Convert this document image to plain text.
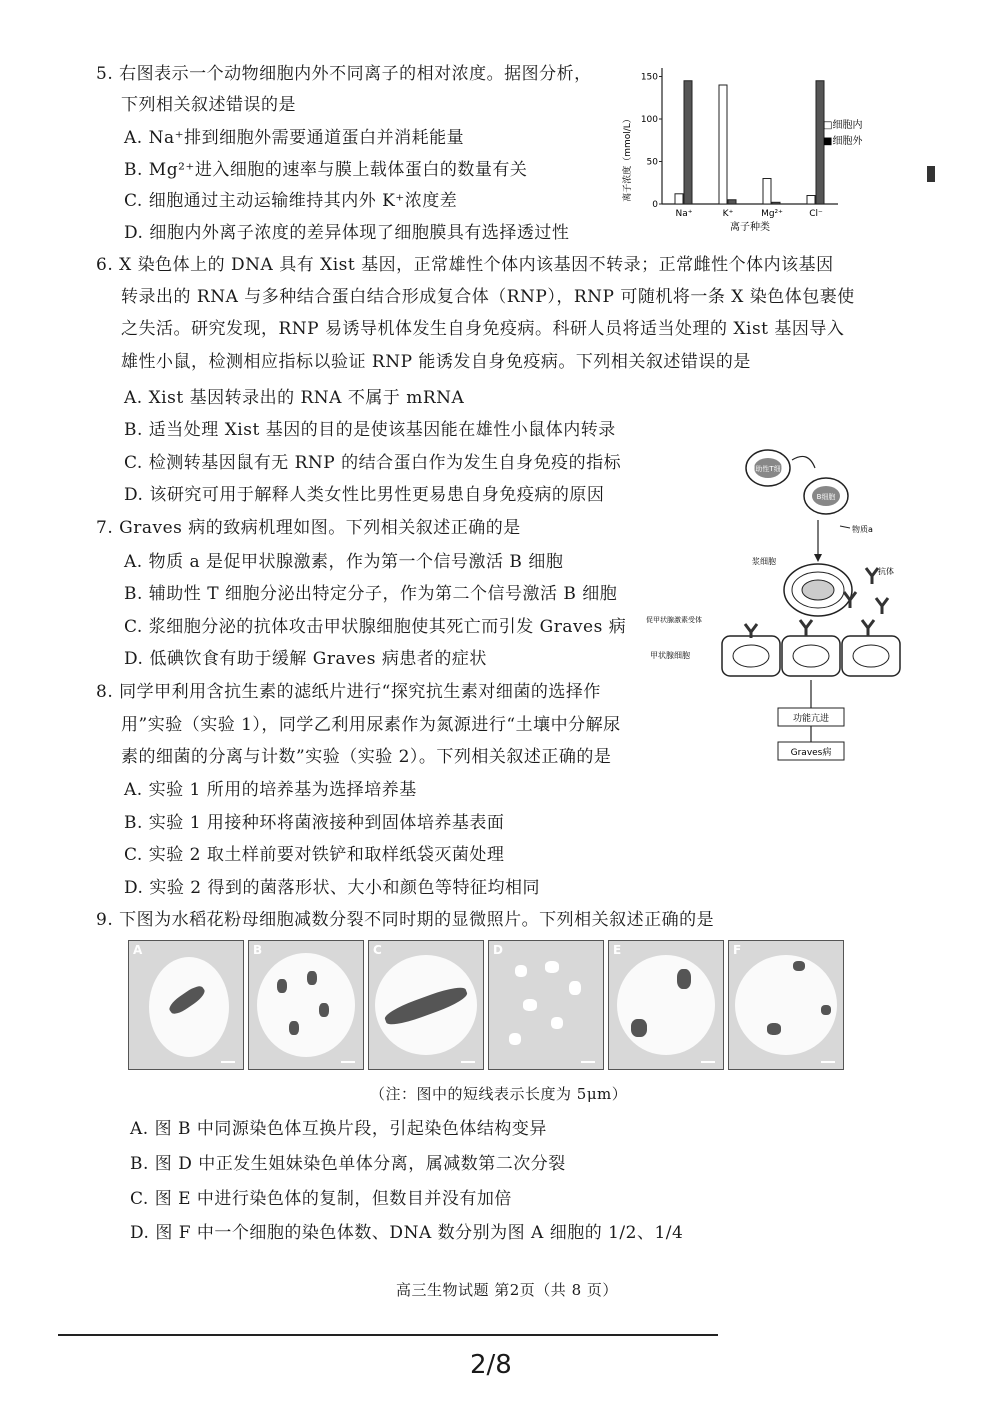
5. 右图表示一个动物细胞内外不同离子的相对浓度。据图分析，
下列相关叙述错误的是
A. Na⁺排到细胞外需要通道蛋白并消耗能量
B. Mg²⁺进入细胞的速率与膜上载体蛋白的数量有关
C. 细胞通过主动运输维持其内外 K⁺浓度差
D. 细胞内外离子浓度的差异体现了细胞膜具有选择透过性
离子浓度（mmol/L）
150
100
50
0
Na⁺	K⁺	Mg²⁺	Cl⁻
离子种类
□细胞内
■细胞外
6. X 染色体上的 DNA 具有 Xist 基因，正常雄性个体内该基因不转录；正常雌性个体内该基因
转录出的 RNA 与多种结合蛋白结合形成复合体（RNP），RNP 可随机将一条 X 染色体包裹使
之失活。研究发现，RNP 易诱导机体发生自身免疫病。科研人员将适当处理的 Xist 基因导入
雄性小鼠，检测相应指标以验证 RNP 能诱发自身免疫病。下列相关叙述错误的是
A. Xist 基因转录出的 RNA 不属于 mRNA
B. 适当处理 Xist 基因的目的是使该基因能在雄性小鼠体内转录
C. 检测转基因鼠有无 RNP 的结合蛋白作为发生自身免疫的指标
D. 该研究可用于解释人类女性比男性更易患自身免疫病的原因
7. Graves 病的致病机理如图。下列相关叙述正确的是
A. 物质 a 是促甲状腺激素，作为第一个信号激活 B 细胞
B. 辅助性 T 细胞分泌出特定分子，作为第二个信号激活 B 细胞
C. 浆细胞分泌的抗体攻击甲状腺细胞使其死亡而引发 Graves 病
D. 低碘饮食有助于缓解 Graves 病患者的症状
辅助性T细胞
B细胞
物质a
浆细胞
抗体
促甲状腺激素受体
甲状腺细胞
功能亢进
Graves病
8. 同学甲利用含抗生素的滤纸片进行“探究抗生素对细菌的选择作
用”实验（实验 1），同学乙利用尿素作为氮源进行“土壤中分解尿
素的细菌的分离与计数”实验（实验 2）。下列相关叙述正确的是
A. 实验 1 所用的培养基为选择培养基
B. 实验 1 用接种环将菌液接种到固体培养基表面
C. 实验 2 取土样前要对铁铲和取样纸袋灭菌处理
D. 实验 2 得到的菌落形状、大小和颜色等特征均相同
9. 下图为水稻花粉母细胞减数分裂不同时期的显微照片。下列相关叙述正确的是
A	B	C	D	E	F
（注：图中的短线表示长度为 5μm）
A. 图 B 中同源染色体互换片段，引起染色体结构变异
B. 图 D 中正发生姐妹染色单体分离，属减数第二次分裂
C. 图 E 中进行染色体的复制，但数目并没有加倍
D. 图 F 中一个细胞的染色体数、DNA 数分别为图 A 细胞的 1/2、1/4
高三生物试题 第2页（共 8 页）
2/8
